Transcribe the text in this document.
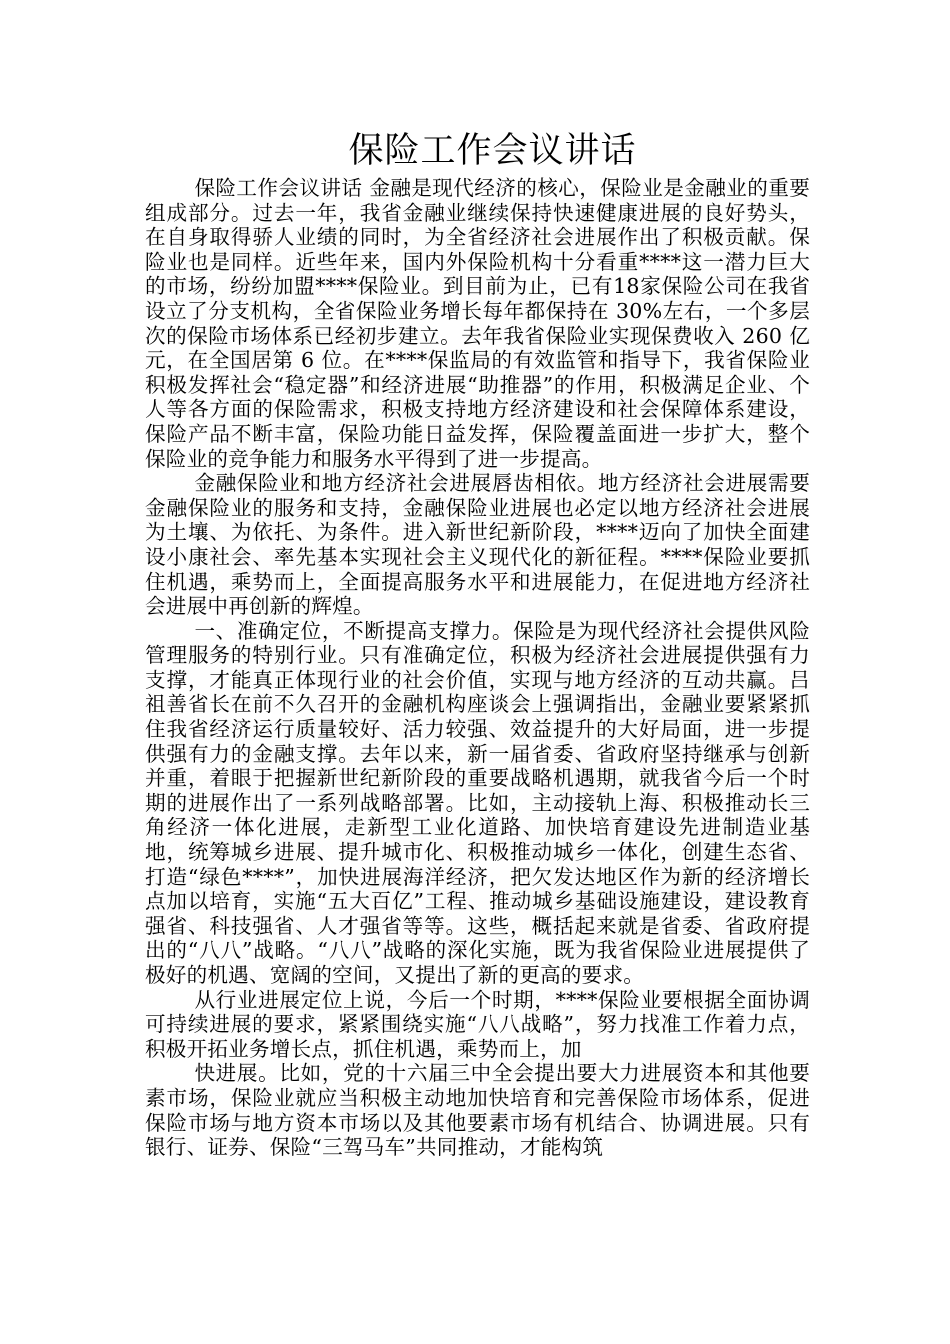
保险工作会议讲话

保险工作会议讲话 金融是现代经济的核心，保险业是金融业的重要组成部分。过去一年，我省金融业继续保持快速健康进展的良好势头，在自身取得骄人业绩的同时，为全省经济社会进展作出了积极贡献。保险业也是同样。近些年来，国内外保险机构十分看重****这一潜力巨大的市场，纷纷加盟****保险业。到目前为止，已有18家保险公司在我省设立了分支机构，全省保险业务增长每年都保持在 30%左右，一个多层次的保险市场体系已经初步建立。去年我省保险业实现保费收入 260 亿元，在全国居第 6 位。在****保监局的有效监管和指导下，我省保险业积极发挥社会“稳定器”和经济进展“助推器”的作用，积极满足企业、个人等各方面的保险需求，积极支持地方经济建设和社会保障体系建设，保险产品不断丰富，保险功能日益发挥，保险覆盖面进一步扩大，整个保险业的竞争能力和服务水平得到了进一步提高。

金融保险业和地方经济社会进展唇齿相依。地方经济社会进展需要金融保险业的服务和支持，金融保险业进展也必定以地方经济社会进展为土壤、为依托、为条件。进入新世纪新阶段，****迈向了加快全面建设小康社会、率先基本实现社会主义现代化的新征程。****保险业要抓住机遇，乘势而上，全面提高服务水平和进展能力，在促进地方经济社会进展中再创新的辉煌。

一、准确定位，不断提高支撑力。保险是为现代经济社会提供风险管理服务的特别行业。只有准确定位，积极为经济社会进展提供强有力支撑，才能真正体现行业的社会价值，实现与地方经济的互动共赢。吕祖善省长在前不久召开的金融机构座谈会上强调指出，金融业要紧紧抓住我省经济运行质量较好、活力较强、效益提升的大好局面，进一步提供强有力的金融支撑。去年以来，新一届省委、省政府坚持继承与创新并重，着眼于把握新世纪新阶段的重要战略机遇期，就我省今后一个时期的进展作出了一系列战略部署。比如，主动接轨上海、积极推动长三角经济一体化进展，走新型工业化道路、加快培育建设先进制造业基地，统筹城乡进展、提升城市化、积极推动城乡一体化，创建生态省、打造“绿色****”，加快进展海洋经济，把欠发达地区作为新的经济增长点加以培育，实施“五大百亿”工程、推动城乡基础设施建设，建设教育强省、科技强省、人才强省等等。这些，概括起来就是省委、省政府提出的“八八”战略。“八八”战略的深化实施，既为我省保险业进展提供了极好的机遇、宽阔的空间，又提出了新的更高的要求。

从行业进展定位上说，今后一个时期，****保险业要根据全面协调可持续进展的要求，紧紧围绕实施“八八战略”，努力找准工作着力点，积极开拓业务增长点，抓住机遇，乘势而上，加

快进展。比如，党的十六届三中全会提出要大力进展资本和其他要素市场，保险业就应当积极主动地加快培育和完善保险市场体系，促进保险市场与地方资本市场以及其他要素市场有机结合、协调进展。只有银行、证券、保险“三驾马车”共同推动，才能构筑
